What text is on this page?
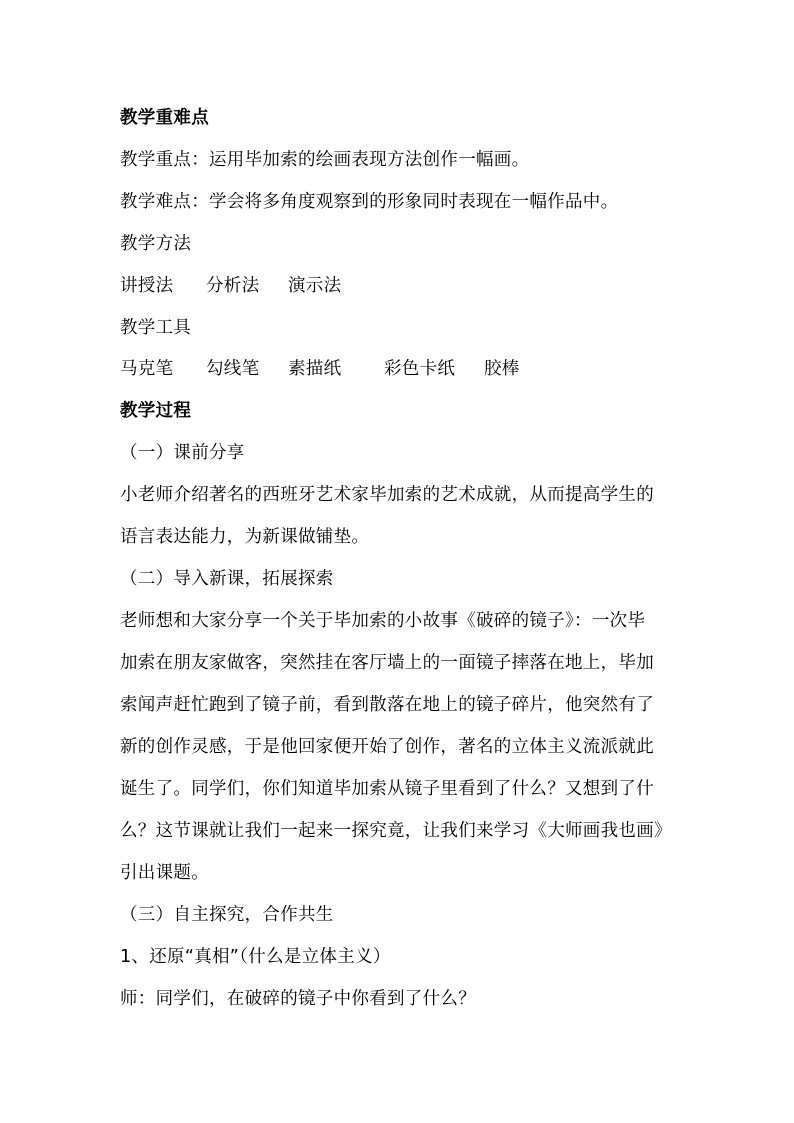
教学重难点
教学重点：运用毕加索的绘画表现方法创作一幅画。
教学难点：学会将多角度观察到的形象同时表现在一幅作品中。
教学方法
讲授法 分析法 演示法
教学工具
马克笔 勾线笔 素描纸 彩色卡纸 胶棒
教学过程
（一）课前分享
小老师介绍著名的西班牙艺术家毕加索的艺术成就，从而提高学生的
语言表达能力，为新课做铺垫。
（二）导入新课，拓展探索
老师想和大家分享一个关于毕加索的小故事《破碎的镜子》：一次毕
加索在朋友家做客，突然挂在客厅墙上的一面镜子摔落在地上，毕加
索闻声赶忙跑到了镜子前，看到散落在地上的镜子碎片，他突然有了
新的创作灵感，于是他回家便开始了创作，著名的立体主义流派就此
诞生了。同学们，你们知道毕加索从镜子里看到了什么？又想到了什
么？这节课就让我们一起来一探究竟，让我们来学习《大师画我也画》
引出课题。
（三）自主探究，合作共生
1、还原“真相”（什么是立体主义）
师：同学们，在破碎的镜子中你看到了什么？
